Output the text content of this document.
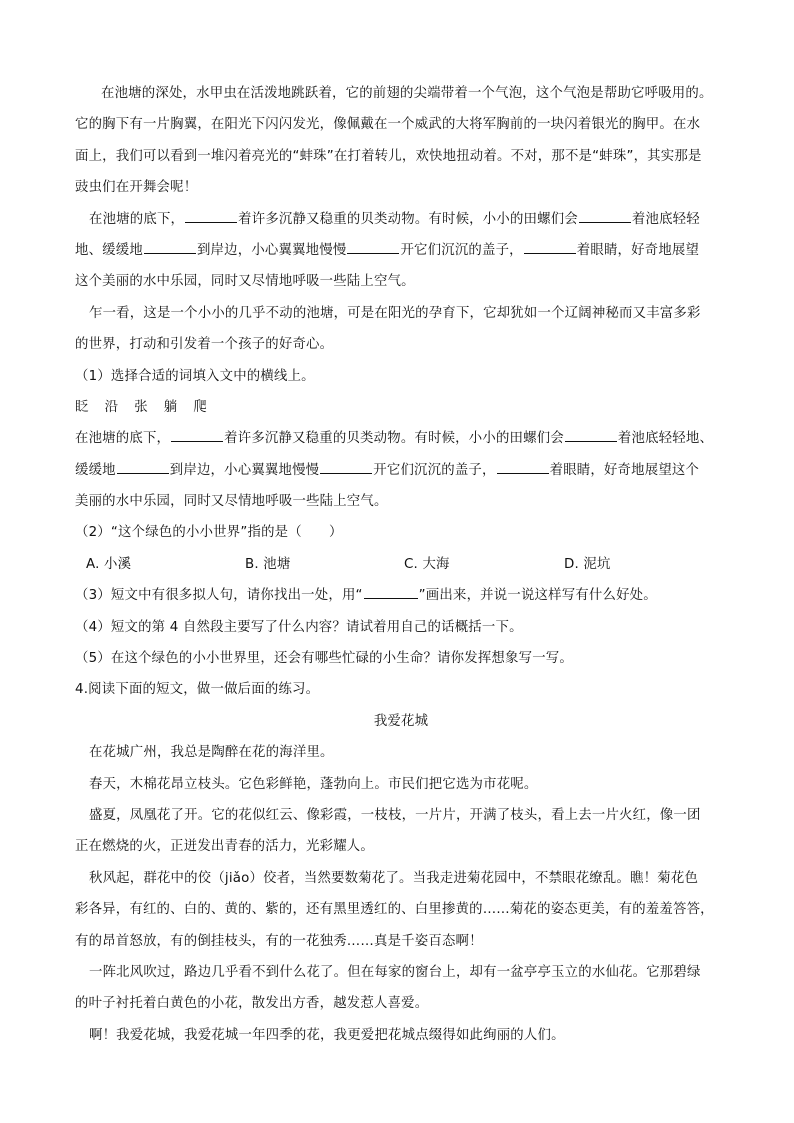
在池塘的深处，水甲虫在活泼地跳跃着，它的前翅的尖端带着一个气泡，这个气泡是帮助它呼吸用的。
它的胸下有一片胸翼，在阳光下闪闪发光，像佩戴在一个威武的大将军胸前的一块闪着银光的胸甲。在水
面上，我们可以看到一堆闪着亮光的“蚌珠”在打着转儿，欢快地扭动着。不对，那不是“蚌珠”，其实那是
豉虫们在开舞会呢！
在池塘的底下，	着许多沉静又稳重的贝类动物。有时候，小小的田螺们会	着池底轻轻
地、缓缓地	到岸边，小心翼翼地慢慢	开它们沉沉的盖子，	着眼睛，好奇地展望
这个美丽的水中乐园，同时又尽情地呼吸一些陆上空气。
乍一看，这是一个小小的几乎不动的池塘，可是在阳光的孕育下，它却犹如一个辽阔神秘而又丰富多彩
的世界，打动和引发着一个孩子的好奇心。
（1）选择合适的词填入文中的横线上。
眨 沿 张 躺 爬
在池塘的底下，	着许多沉静又稳重的贝类动物。有时候，小小的田螺们会	着池底轻轻地、
缓缓地	到岸边，小心翼翼地慢慢	开它们沉沉的盖子，	着眼睛，好奇地展望这个
美丽的水中乐园，同时又尽情地呼吸一些陆上空气。
（2）“这个绿色的小小世界”指的是（　　）
A. 小溪	B. 池塘	C. 大海	D. 泥坑
（3）短文中有很多拟人句，请你找出一处，用“	”画出来，并说一说这样写有什么好处。
（4）短文的第 4 自然段主要写了什么内容？请试着用自己的话概括一下。
（5）在这个绿色的小小世界里，还会有哪些忙碌的小生命？请你发挥想象写一写。
4.阅读下面的短文，做一做后面的练习。
我爱花城
在花城广州，我总是陶醉在花的海洋里。
春天，木棉花昂立枝头。它色彩鲜艳，蓬勃向上。市民们把它选为市花呢。
盛夏，凤凰花了开。它的花似红云、像彩霞，一枝枝，一片片，开满了枝头，看上去一片火红，像一团
正在燃烧的火，正迸发出青春的活力，光彩耀人。
秋风起，群花中的佼（jiǎo）佼者，当然要数菊花了。当我走进菊花园中，不禁眼花缭乱。瞧！菊花色
彩各异，有红的、白的、黄的、紫的，还有黑里透红的、白里掺黄的……菊花的姿态更美，有的羞羞答答，
有的昂首怒放，有的倒挂枝头，有的一花独秀……真是千姿百态啊！
一阵北风吹过，路边几乎看不到什么花了。但在每家的窗台上，却有一盆亭亭玉立的水仙花。它那碧绿
的叶子衬托着白黄色的小花，散发出方香，越发惹人喜爱。
啊！我爱花城，我爱花城一年四季的花，我更爱把花城点缀得如此绚丽的人们。
